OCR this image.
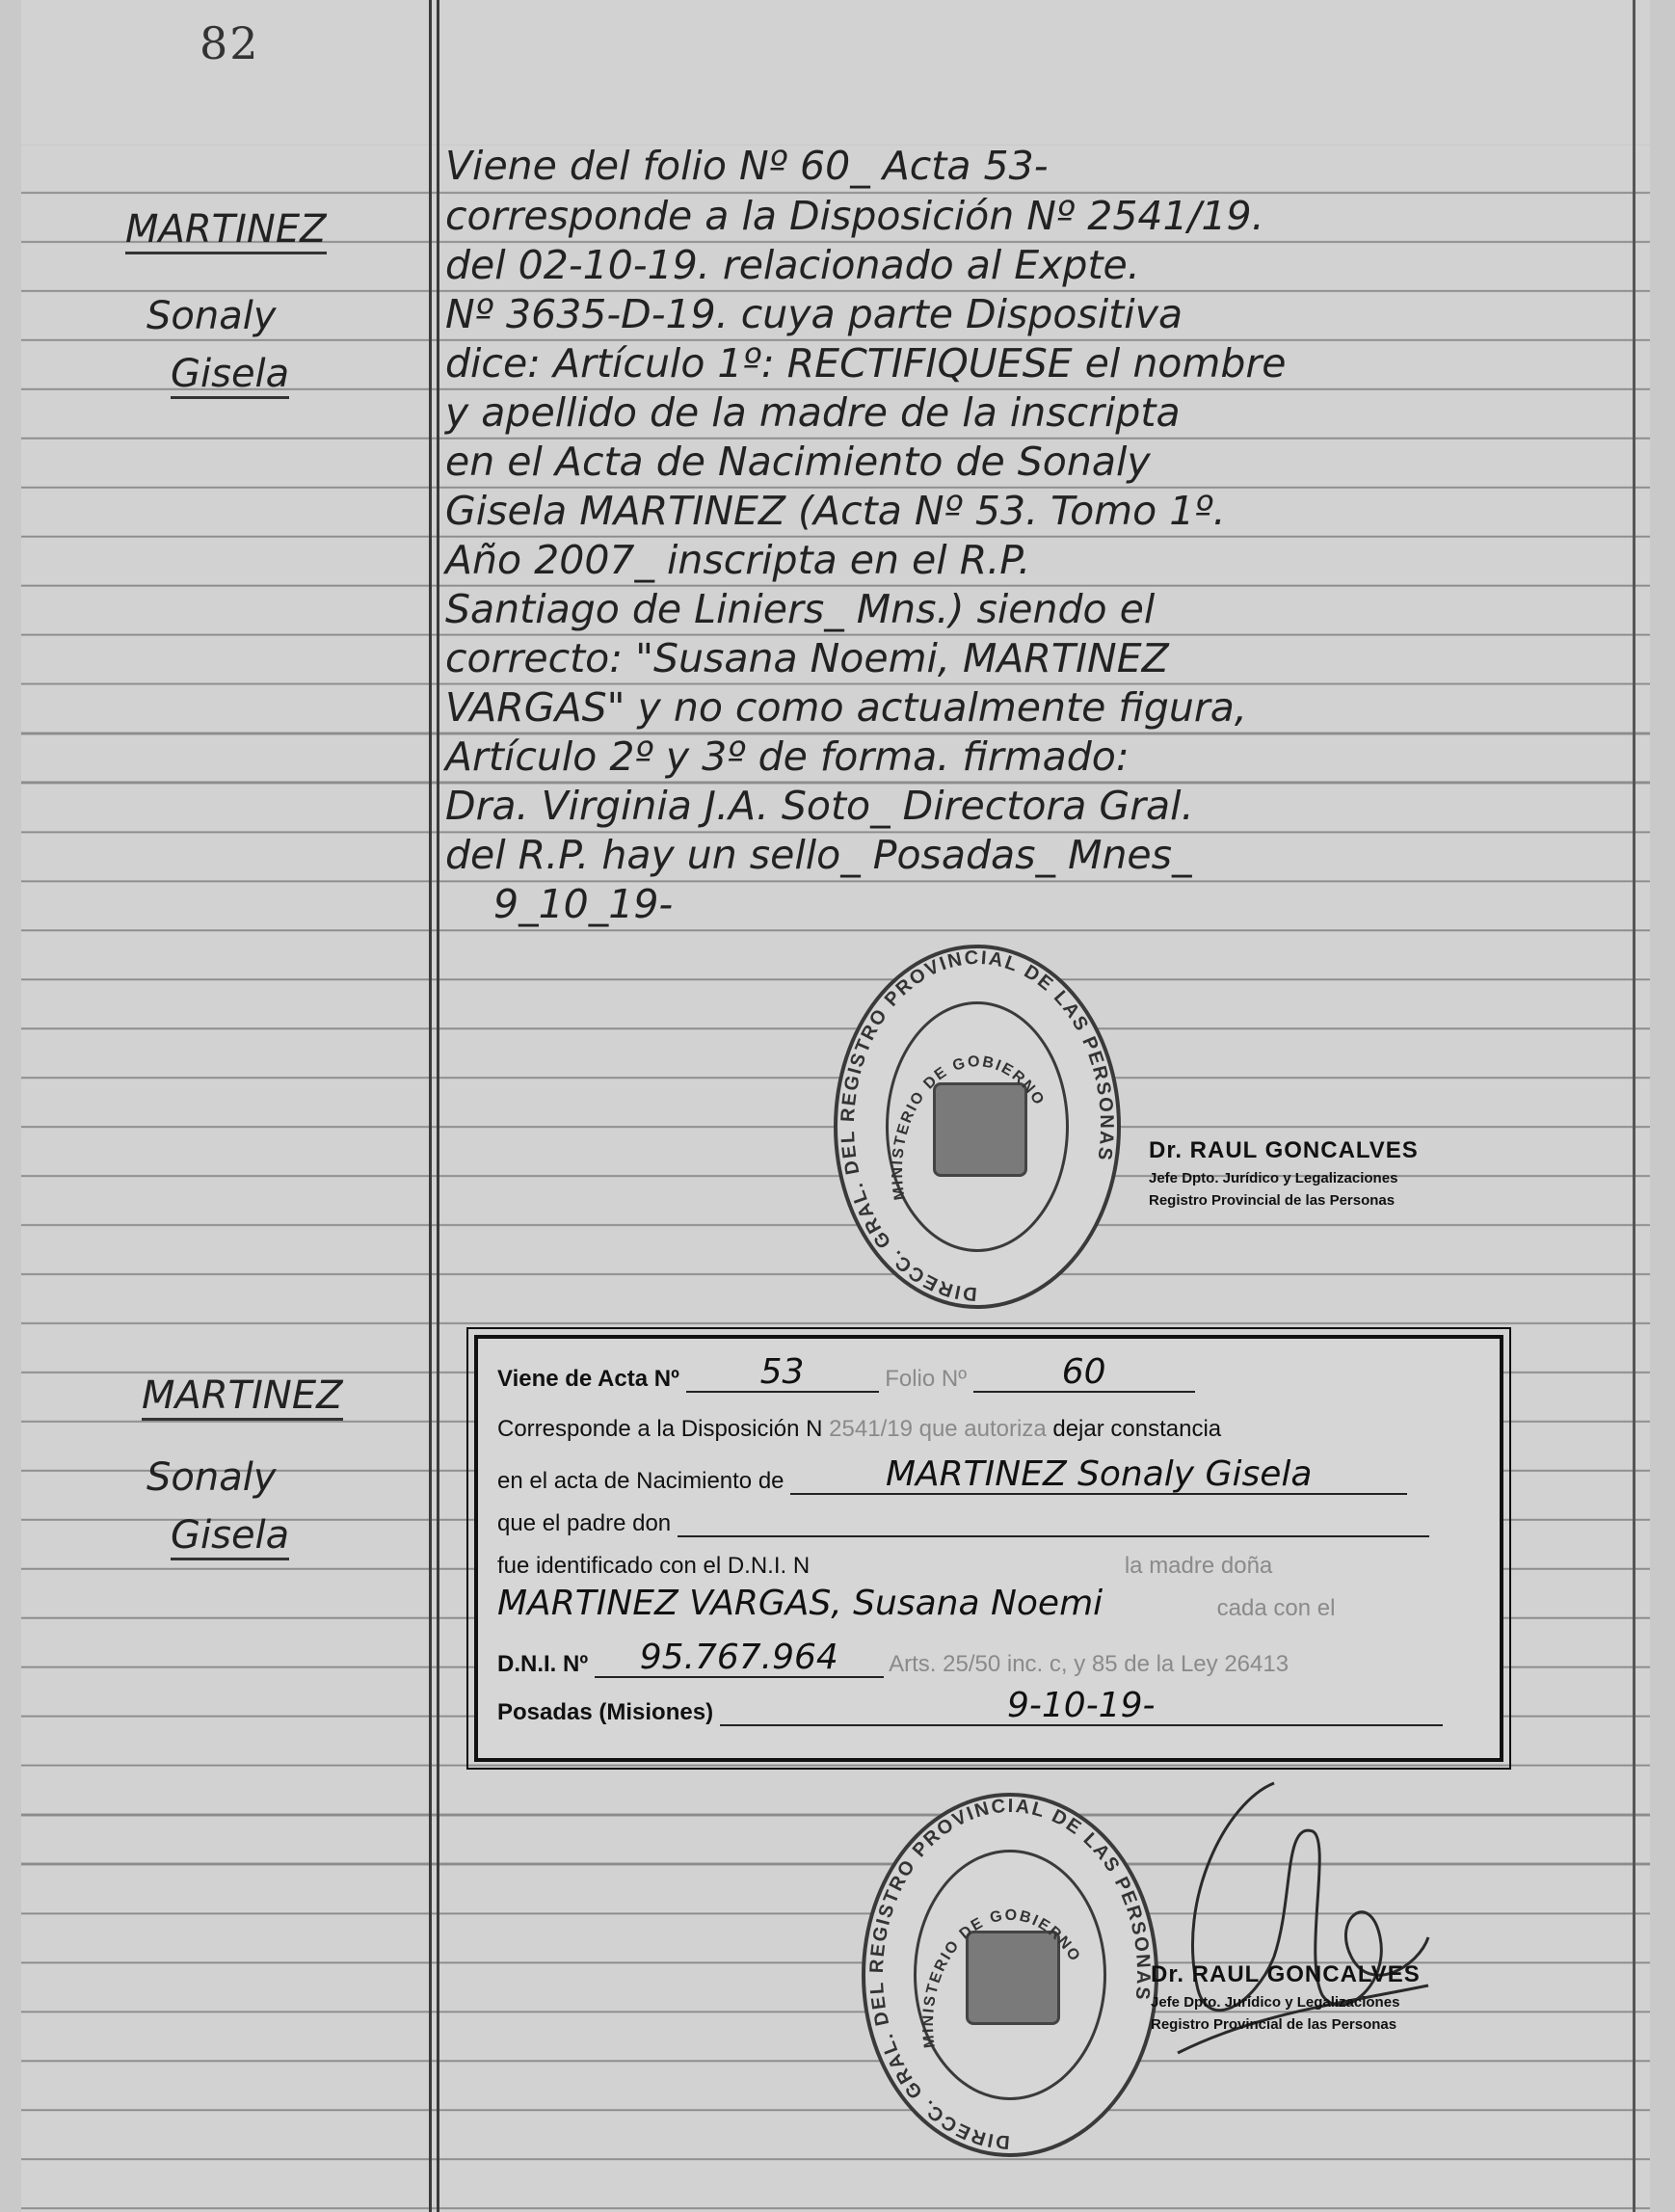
82
MARTINEZ
Sonaly
Gisela
Viene del folio Nº 60_ Acta 53-
corresponde a la Disposición Nº 2541/19.
del 02-10-19. relacionado al Expte.
Nº 3635-D-19. cuya parte Dispositiva
dice: Artículo 1º: RECTIFIQUESE el nombre
y apellido de la madre de la inscripta
en el Acta de Nacimiento de Sonaly
Gisela MARTINEZ (Acta Nº 53. Tomo 1º.
Año 2007_ inscripta en el R.P.
Santiago de Liniers_ Mns.) siendo el
correcto: "Susana Noemi, MARTINEZ
VARGAS" y no como actualmente figura,
Artículo 2º y 3º de forma. firmado:
Dra. Virginia J.A. Soto_ Directora Gral.
del R.P. hay un sello_ Posadas_ Mnes_
9_10_19-
DIRECC. GRAL. DEL REGISTRO PROVINCIAL DE LAS PERSONAS
MINISTERIO DE GOBIERNO
Dr. RAUL GONCALVES
Jefe Dpto. Jurídico y Legalizaciones
Registro Provincial de las Personas
MARTINEZ
Sonaly
Gisela
Viene de Acta Nº 53	Folio Nº	60
Corresponde a la Disposición N 2541/19 que autoriza dejar constancia
en el acta de Nacimiento de	MARTINEZ Sonaly Gisela
que el padre don
fue identificado con el D.N.I. N	la madre doña
MARTINEZ VARGAS, Susana Noemi	cada con el
D.N.I. Nº 95.767.964 Arts. 25/50 inc. c, y 85 de la Ley 26413
Posadas (Misiones)	9-10-19-
DIRECC. GRAL. DEL REGISTRO PROVINCIAL DE LAS PERSONAS
MINISTERIO DE GOBIERNO
Dr. RAUL GONCALVES
Jefe Dpto. Jurídico y Legalizaciones
Registro Provincial de las Personas
